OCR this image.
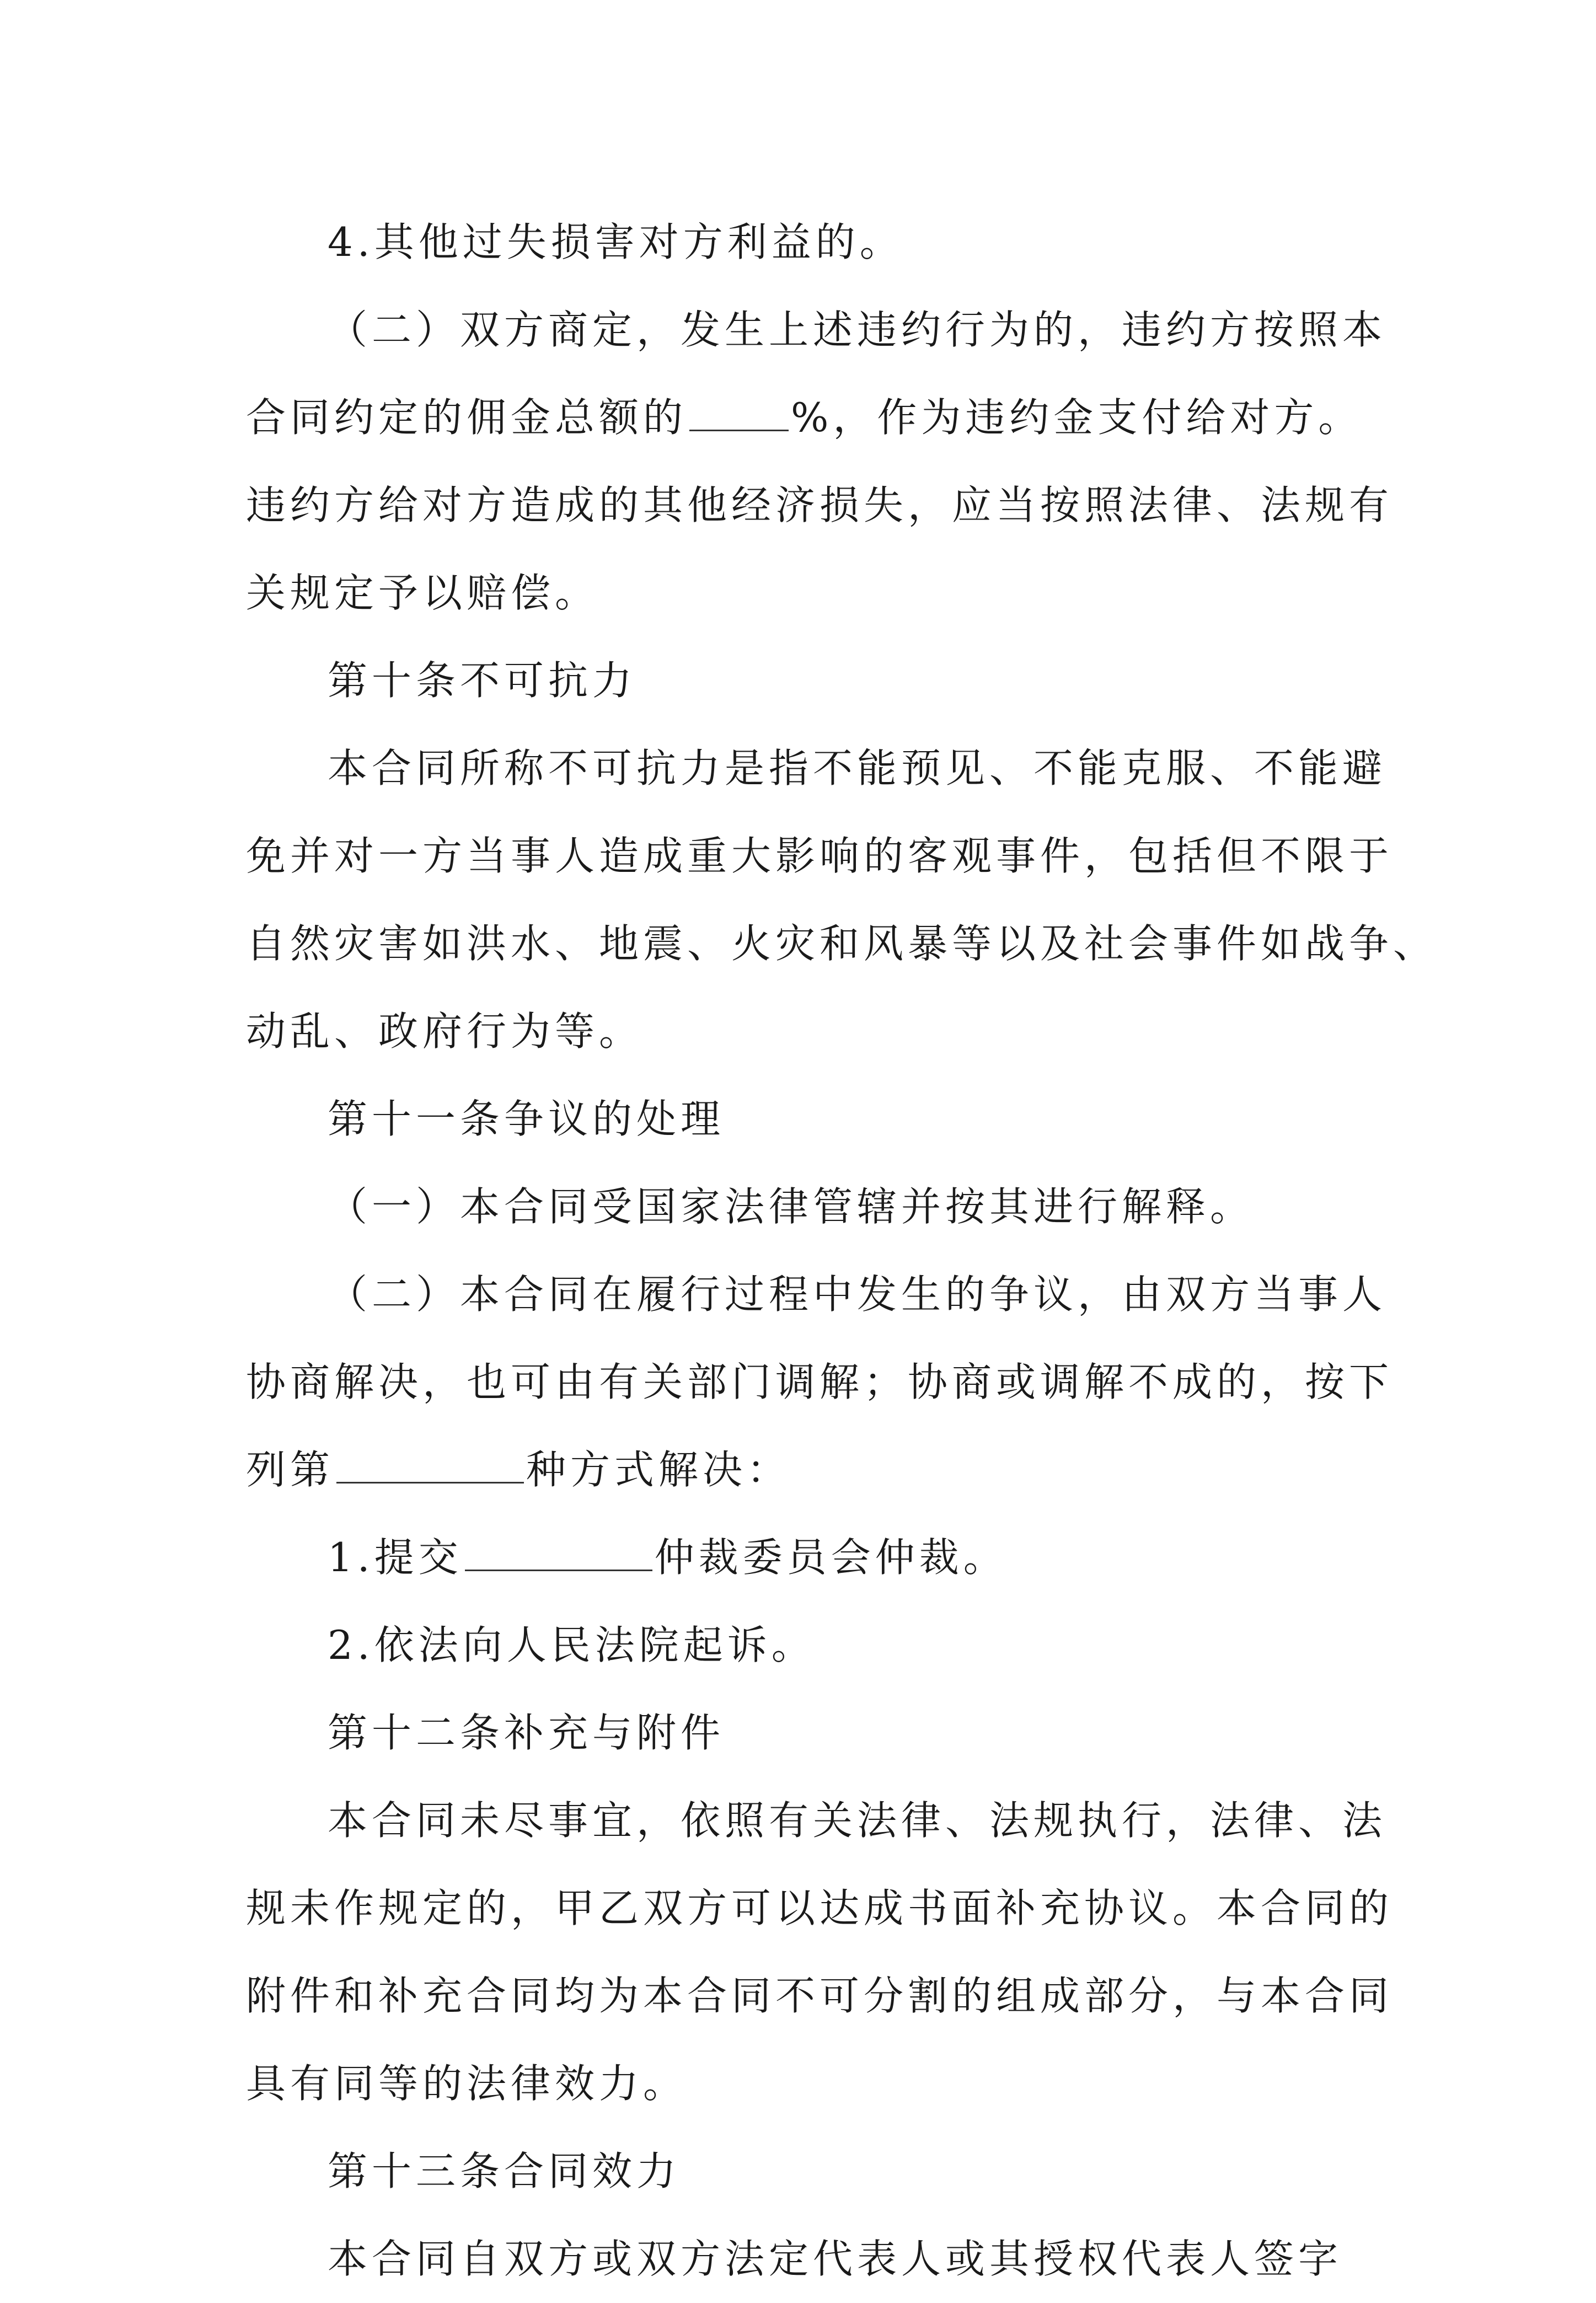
4.其他过失损害对方利益的。
（二）双方商定，发生上述违约行为的，违约方按照本
合同约定的佣金总额的	%，作为违约金支付给对方。
违约方给对方造成的其他经济损失，应当按照法律、法规有
关规定予以赔偿。
第十条不可抗力
本合同所称不可抗力是指不能预见、不能克服、不能避
免并对一方当事人造成重大影响的客观事件，包括但不限于
自然灾害如洪水、地震、火灾和风暴等以及社会事件如战争、
动乱、政府行为等。
第十一条争议的处理
（一）本合同受国家法律管辖并按其进行解释。
（二）本合同在履行过程中发生的争议，由双方当事人
协商解决，也可由有关部门调解；协商或调解不成的，按下
列第	种方式解决：
1.提交	仲裁委员会仲裁。
2.依法向人民法院起诉。
第十二条补充与附件
本合同未尽事宜，依照有关法律、法规执行，法律、法
规未作规定的，甲乙双方可以达成书面补充协议。本合同的
附件和补充合同均为本合同不可分割的组成部分，与本合同
具有同等的法律效力。
第十三条合同效力
本合同自双方或双方法定代表人或其授权代表人签字
